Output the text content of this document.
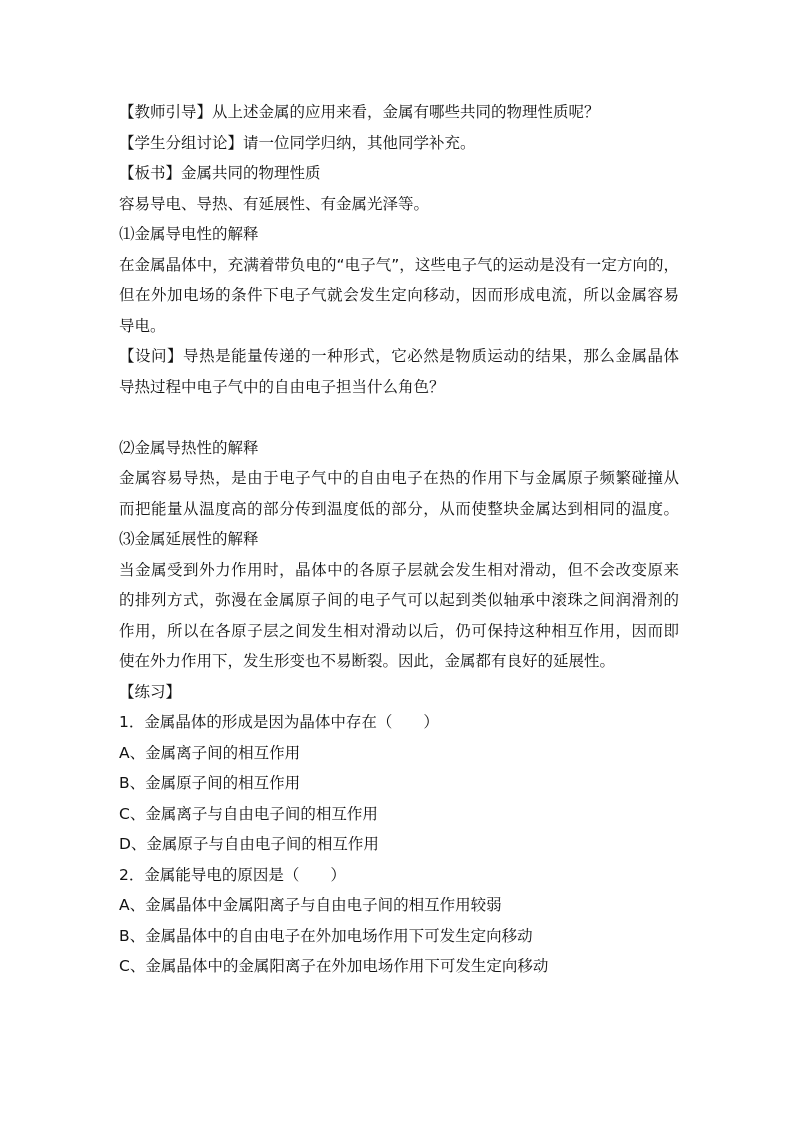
【教师引导】从上述金属的应用来看，金属有哪些共同的物理性质呢？
【学生分组讨论】请一位同学归纳，其他同学补充。
【板书】金属共同的物理性质
容易导电、导热、有延展性、有金属光泽等。
⑴金属导电性的解释
在金属晶体中，充满着带负电的“电子气”，这些电子气的运动是没有一定方向的，
但在外加电场的条件下电子气就会发生定向移动，因而形成电流，所以金属容易
导电。
【设问】导热是能量传递的一种形式，它必然是物质运动的结果，那么金属晶体
导热过程中电子气中的自由电子担当什么角色？
⑵金属导热性的解释
金属容易导热，是由于电子气中的自由电子在热的作用下与金属原子频繁碰撞从
而把能量从温度高的部分传到温度低的部分，从而使整块金属达到相同的温度。
⑶金属延展性的解释
当金属受到外力作用时，晶体中的各原子层就会发生相对滑动，但不会改变原来
的排列方式，弥漫在金属原子间的电子气可以起到类似轴承中滚珠之间润滑剂的
作用，所以在各原子层之间发生相对滑动以后，仍可保持这种相互作用，因而即
使在外力作用下，发生形变也不易断裂。因此，金属都有良好的延展性。
【练习】
1．金属晶体的形成是因为晶体中存在（　　）
A、金属离子间的相互作用
B、金属原子间的相互作用
C、金属离子与自由电子间的相互作用
D、金属原子与自由电子间的相互作用
2．金属能导电的原因是（　　）
A、金属晶体中金属阳离子与自由电子间的相互作用较弱
B、金属晶体中的自由电子在外加电场作用下可发生定向移动
C、金属晶体中的金属阳离子在外加电场作用下可发生定向移动
